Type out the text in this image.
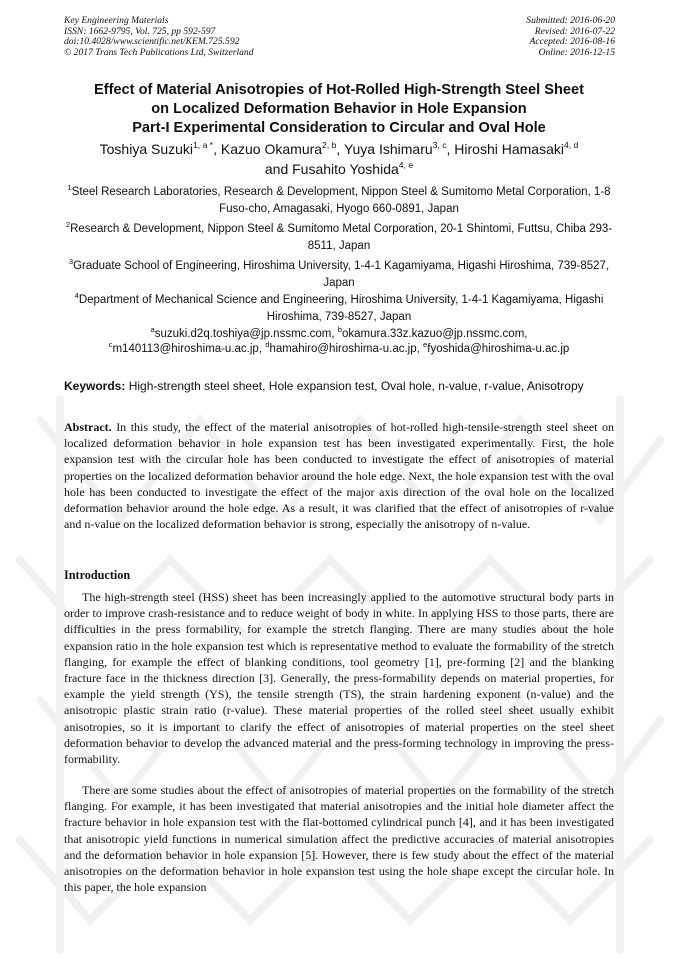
Key Engineering Materials
ISSN: 1662-9795, Vol. 725, pp 592-597
doi:10.4028/www.scientific.net/KEM.725.592
© 2017 Trans Tech Publications Ltd, Switzerland
Submitted: 2016-06-20
Revised: 2016-07-22
Accepted: 2016-08-16
Online: 2016-12-15
Effect of Material Anisotropies of Hot-Rolled High-Strength Steel Sheet
on Localized Deformation Behavior in Hole Expansion
Part-I Experimental Consideration to Circular and Oval Hole
Toshiya Suzuki$^{1, a *}$, Kazuo Okamura$^{2, b}$, Yuya Ishimaru$^{3, c}$, Hiroshi Hamasaki$^{4, d}$
and Fusahito Yoshida$^{4, e}$
$^1$Steel Research Laboratories, Research & Development, Nippon Steel & Sumitomo Metal Corporation, 1-8 Fuso-cho, Amagasaki, Hyogo 660-0891, Japan
$^2$Research & Development, Nippon Steel & Sumitomo Metal Corporation, 20-1 Shintomi, Futtsu, Chiba 293-8511, Japan
$^3$Graduate School of Engineering, Hiroshima University, 1-4-1 Kagamiyama, Higashi Hiroshima, 739-8527, Japan
$^4$Department of Mechanical Science and Engineering, Hiroshima University, 1-4-1 Kagamiyama, Higashi Hiroshima, 739-8527, Japan
$^a$suzuki.d2q.toshiya@jp.nssmc.com, $^b$okamura.33z.kazuo@jp.nssmc.com,
$^c$m140113@hiroshima-u.ac.jp, $^d$hamahiro@hiroshima-u.ac.jp, $^e$fyoshida@hiroshima-u.ac.jp
Keywords: High-strength steel sheet, Hole expansion test, Oval hole, n-value, r-value, Anisotropy
Abstract. In this study, the effect of the material anisotropies of hot-rolled high-tensile-strength steel sheet on localized deformation behavior in hole expansion test has been investigated experimentally. First, the hole expansion test with the circular hole has been conducted to investigate the effect of anisotropies of material properties on the localized deformation behavior around the hole edge. Next, the hole expansion test with the oval hole has been conducted to investigate the effect of the major axis direction of the oval hole on the localized deformation behavior around the hole edge. As a result, it was clarified that the effect of anisotropies of r-value and n-value on the localized deformation behavior is strong, especially the anisotropy of n-value.
Introduction
The high-strength steel (HSS) sheet has been increasingly applied to the automotive structural body parts in order to improve crash-resistance and to reduce weight of body in white. In applying HSS to those parts, there are difficulties in the press formability, for example the stretch flanging. There are many studies about the hole expansion ratio in the hole expansion test which is representative method to evaluate the formability of the stretch flanging, for example the effect of blanking conditions, tool geometry [1], pre-forming [2] and the blanking fracture face in the thickness direction [3]. Generally, the press-formability depends on material properties, for example the yield strength (YS), the tensile strength (TS), the strain hardening exponent (n-value) and the anisotropic plastic strain ratio (r-value). These material properties of the rolled steel sheet usually exhibit anisotropies, so it is important to clarify the effect of anisotropies of material properties on the steel sheet deformation behavior to develop the advanced material and the press-forming technology in improving the press-formability.
There are some studies about the effect of anisotropies of material properties on the formability of the stretch flanging. For example, it has been investigated that material anisotropies and the initial hole diameter affect the fracture behavior in hole expansion test with the flat-bottomed cylindrical punch [4], and it has been investigated that anisotropic yield functions in numerical simulation affect the predictive accuracies of material anisotropies and the deformation behavior in hole expansion [5]. However, there is few study about the effect of the material anisotropies on the deformation behavior in hole expansion test using the hole shape except the circular hole. In this paper, the hole expansion
